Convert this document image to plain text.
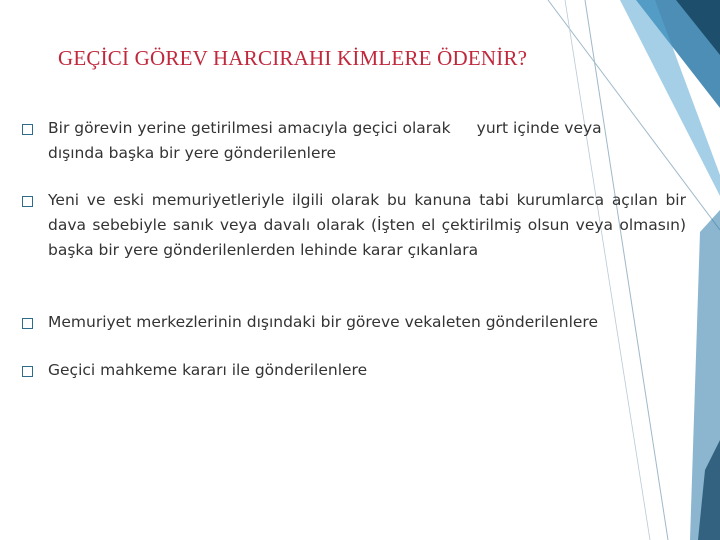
GEÇİCİ GÖREV HARCIRAHI KİMLERE ÖDENİR?
Bir görevin yerine getirilmesi amacıyla geçici olarak yurt içinde veya
dışında başka bir yere gönderilenlere
Yeni ve eski memuriyetleriyle ilgili olarak bu kanuna tabi kurumlarca açılan bir dava sebebiyle sanık veya davalı olarak (İşten el çektirilmiş olsun veya olmasın) başka bir yere gönderilenlerden lehinde karar çıkanlara
Memuriyet merkezlerinin dışındaki bir göreve vekaleten gönderilenlere
Geçici mahkeme kararı ile gönderilenlere
